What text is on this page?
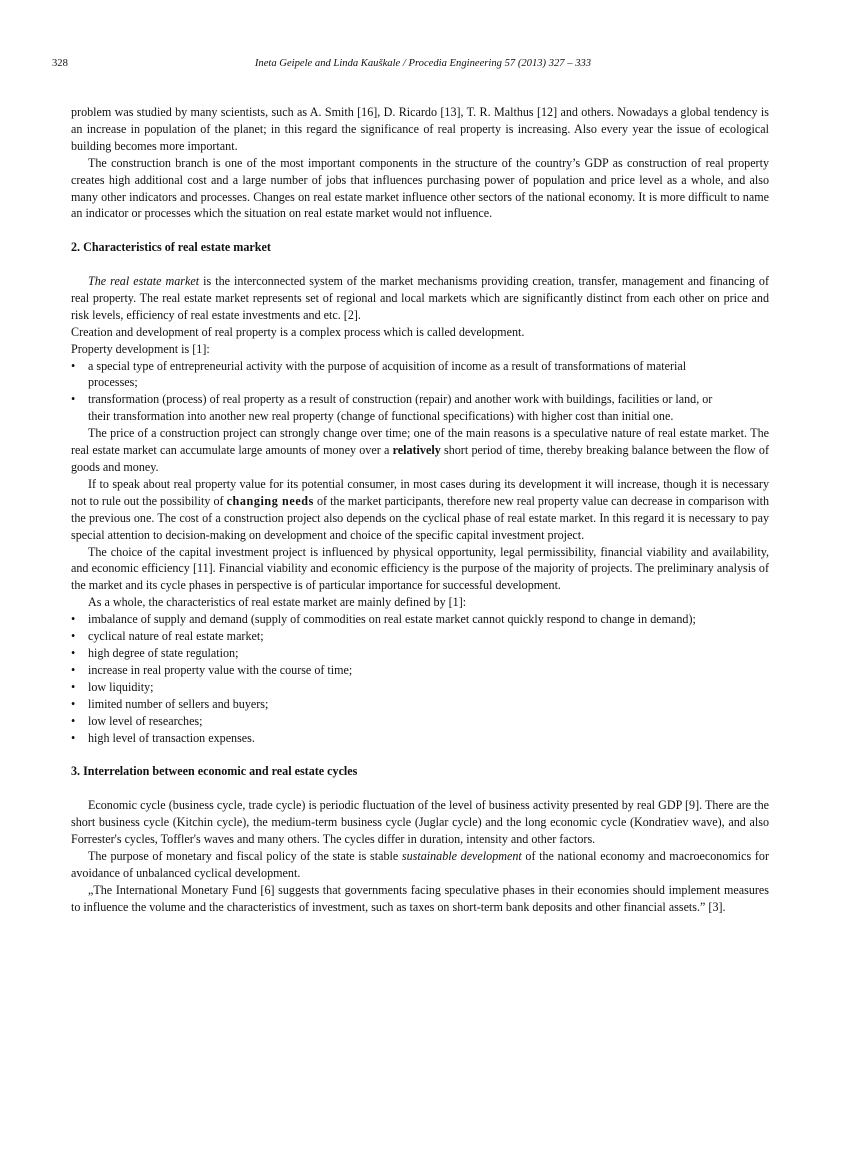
328	Ineta Geipele and Linda Kauškale / Procedia Engineering 57 (2013) 327 – 333

problem was studied by many scientists, such as A. Smith [16], D. Ricardo [13], T. R. Malthus [12] and others. Nowadays a global tendency is an increase in population of the planet; in this regard the significance of real property is increasing. Also every year the issue of ecological building becomes more important.

The construction branch is one of the most important components in the structure of the country’s GDP as construction of real property creates high additional cost and a large number of jobs that influences purchasing power of population and price level as a whole, and also many other indicators and processes. Changes on real estate market influence other sectors of the national economy. It is more difficult to name an indicator or processes which the situation on real estate market would not influence.

2. Characteristics of real estate market

The real estate market is the interconnected system of the market mechanisms providing creation, transfer, management and financing of real property. The real estate market represents set of regional and local markets which are significantly distinct from each other on price and risk levels, efficiency of real estate investments and etc. [2].

Creation and development of real property is a complex process which is called development.

Property development is [1]:

• a special type of entrepreneurial activity with the purpose of acquisition of income as a result of transformations of material processes;
• transformation (process) of real property as a result of construction (repair) and another work with buildings, facilities or land, or their transformation into another new real property (change of functional specifications) with higher cost than initial one.

The price of a construction project can strongly change over time; one of the main reasons is a speculative nature of real estate market. The real estate market can accumulate large amounts of money over a relatively short period of time, thereby breaking balance between the flow of goods and money.

If to speak about real property value for its potential consumer, in most cases during its development it will increase, though it is necessary not to rule out the possibility of changing needs of the market participants, therefore new real property value can decrease in comparison with the previous one. The cost of a construction project also depends on the cyclical phase of real estate market. In this regard it is necessary to pay special attention to decision-making on development and choice of the specific capital investment project.

The choice of the capital investment project is influenced by physical opportunity, legal permissibility, financial viability and availability, and economic efficiency [11]. Financial viability and economic efficiency is the purpose of the majority of projects. The preliminary analysis of the market and its cycle phases in perspective is of particular importance for successful development.

As a whole, the characteristics of real estate market are mainly defined by [1]:

• imbalance of supply and demand (supply of commodities on real estate market cannot quickly respond to change in demand);
• cyclical nature of real estate market;
• high degree of state regulation;
• increase in real property value with the course of time;
• low liquidity;
• limited number of sellers and buyers;
• low level of researches;
• high level of transaction expenses.
3. Interrelation between economic and real estate cycles

Economic cycle (business cycle, trade cycle) is periodic fluctuation of the level of business activity presented by real GDP [9]. There are the short business cycle (Kitchin cycle), the medium-term business cycle (Juglar cycle) and the long economic cycle (Kondratiev wave), and also Forrester's cycles, Toffler's waves and many others. The cycles differ in duration, intensity and other factors.

The purpose of monetary and fiscal policy of the state is stable sustainable development of the national economy and macroeconomics for avoidance of unbalanced cyclical development.

„The International Monetary Fund [6] suggests that governments facing speculative phases in their economies should implement measures to influence the volume and the characteristics of investment, such as taxes on short-term bank deposits and other financial assets.” [3].
